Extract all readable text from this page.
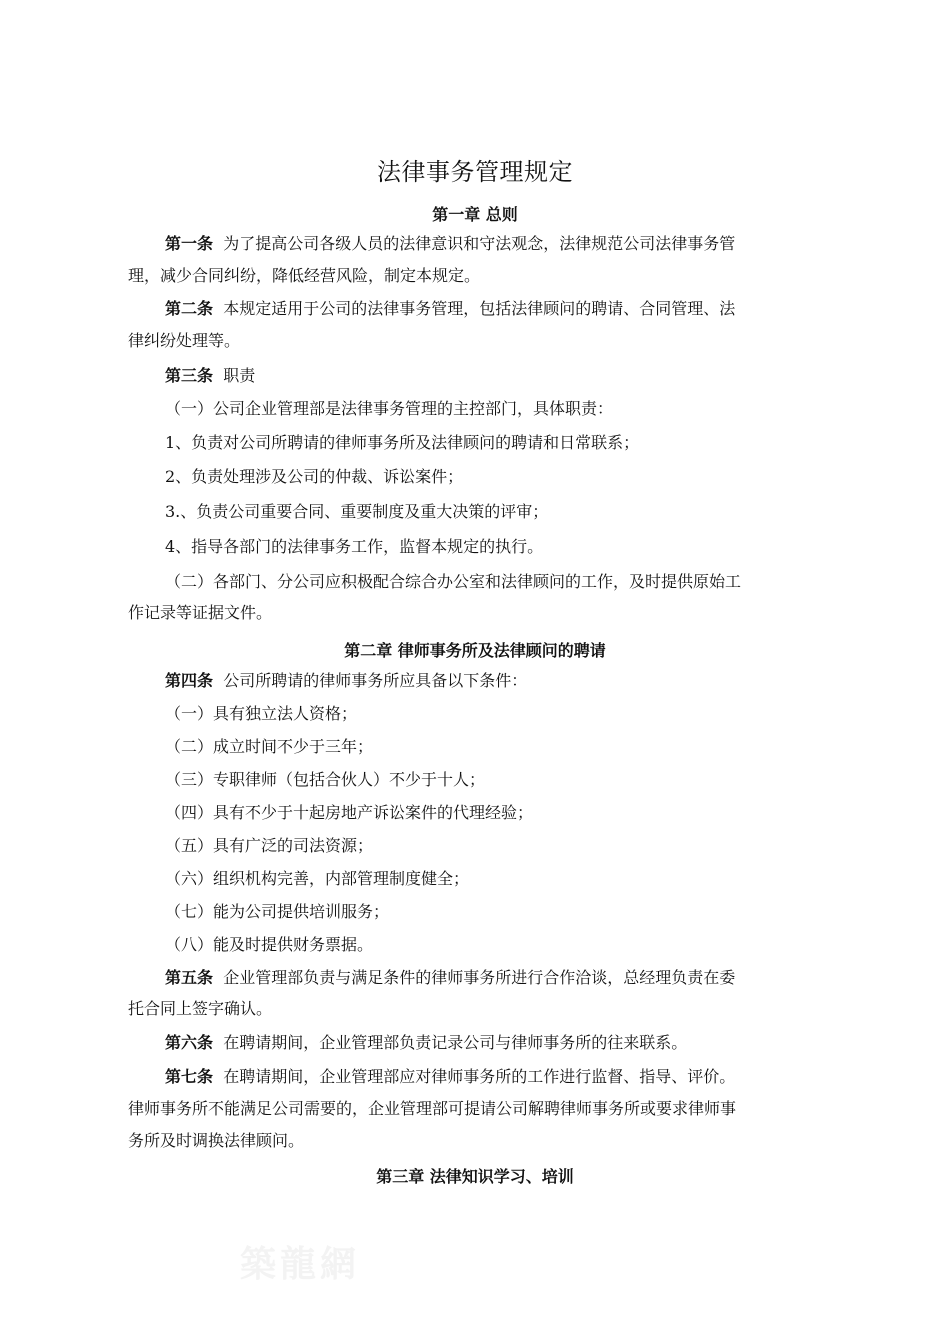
法律事务管理规定
第一章 总则

第一条 为了提高公司各级人员的法律意识和守法观念，法律规范公司法律事务管

理，减少合同纠纷，降低经营风险，制定本规定。

第二条 本规定适用于公司的法律事务管理，包括法律顾问的聘请、合同管理、法

律纠纷处理等。

第三条 职责

（一）公司企业管理部是法律事务管理的主控部门，具体职责：

1、负责对公司所聘请的律师事务所及法律顾问的聘请和日常联系；

2、负责处理涉及公司的仲裁、诉讼案件；

3.、负责公司重要合同、重要制度及重大决策的评审；

4、指导各部门的法律事务工作，监督本规定的执行。

（二）各部门、分公司应积极配合综合办公室和法律顾问的工作，及时提供原始工

作记录等证据文件。

第二章 律师事务所及法律顾问的聘请

第四条 公司所聘请的律师事务所应具备以下条件：

（一）具有独立法人资格；

（二）成立时间不少于三年；

（三）专职律师（包括合伙人）不少于十人；

（四）具有不少于十起房地产诉讼案件的代理经验；

（五）具有广泛的司法资源；

（六）组织机构完善，内部管理制度健全；

（七）能为公司提供培训服务；

（八）能及时提供财务票据。

第五条 企业管理部负责与满足条件的律师事务所进行合作洽谈，总经理负责在委

托合同上签字确认。

第六条 在聘请期间，企业管理部负责记录公司与律师事务所的往来联系。

第七条 在聘请期间，企业管理部应对律师事务所的工作进行监督、指导、评价。

律师事务所不能满足公司需要的，企业管理部可提请公司解聘律师事务所或要求律师事

务所及时调换法律顾问。

第三章 法律知识学习、培训
築龍網
